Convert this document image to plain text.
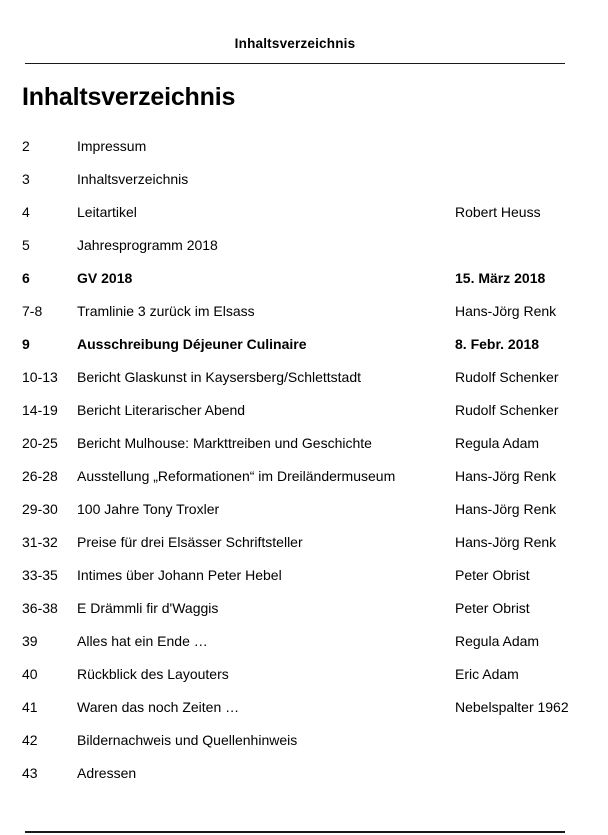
Inhaltsverzeichnis
Inhaltsverzeichnis
2	Impressum
3	Inhaltsverzeichnis
4	Leitartikel	Robert Heuss
5	Jahresprogramm 2018
6	GV 2018	15. März 2018
7-8	Tramlinie 3 zurück im Elsass	Hans-Jörg Renk
9	Ausschreibung Déjeuner Culinaire	8. Febr. 2018
10-13	Bericht Glaskunst in Kaysersberg/Schlettstadt	Rudolf Schenker
14-19	Bericht Literarischer Abend	Rudolf Schenker
20-25	Bericht Mulhouse: Markttreiben und Geschichte	Regula Adam
26-28	Ausstellung „Reformationen“ im Dreiländermuseum	Hans-Jörg Renk
29-30	100 Jahre Tony Troxler	Hans-Jörg Renk
31-32	Preise für drei Elsässer Schriftsteller	Hans-Jörg Renk
33-35	Intimes über Johann Peter Hebel	Peter Obrist
36-38	E Drämmli fir d'Waggis	Peter Obrist
39	Alles hat ein Ende …	Regula Adam
40	Rückblick des Layouters	Eric Adam
41	Waren das noch Zeiten …	Nebelspalter 1962
42	Bildernachweis und Quellenhinweis
43	Adressen
